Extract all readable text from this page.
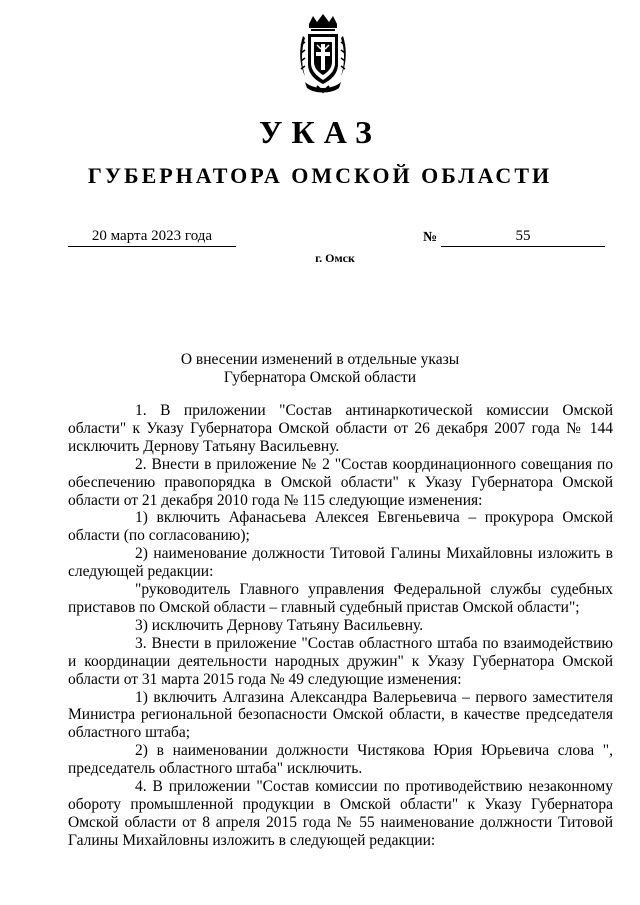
УКАЗ
ГУБЕРНАТОРА ОМСКОЙ ОБЛАСТИ
20 марта 2023 года	№	55
г. Омск
О внесении изменений в отдельные указы
Губернатора Омской области

1. В приложении "Состав антинаркотической комиссии Омской области" к Указу Губернатора Омской области от 26 декабря 2007 года № 144 исключить Дернову Татьяну Васильевну.

2. Внести в приложение № 2 "Состав координационного совещания по обеспечению правопорядка в Омской области" к Указу Губернатора Омской области от 21 декабря 2010 года № 115 следующие изменения:

1) включить Афанасьева Алексея Евгеньевича – прокурора Омской области (по согласованию);

2) наименование должности Титовой Галины Михайловны изложить в следующей редакции:

"руководитель Главного управления Федеральной службы судебных приставов по Омской области – главный судебный пристав Омской области";

3) исключить Дернову Татьяну Васильевну.

3. Внести в приложение "Состав областного штаба по взаимодействию и координации деятельности народных дружин" к Указу Губернатора Омской области от 31 марта 2015 года № 49 следующие изменения:

1) включить Алгазина Александра Валерьевича – первого заместителя Министра региональной безопасности Омской области, в качестве председателя областного штаба;

2) в наименовании должности Чистякова Юрия Юрьевича слова ", председатель областного штаба" исключить.

4. В приложении "Состав комиссии по противодействию незаконному обороту промышленной продукции в Омской области" к Указу Губернатора Омской области от 8 апреля 2015 года № 55 наименование должности Титовой Галины Михайловны изложить в следующей редакции:
